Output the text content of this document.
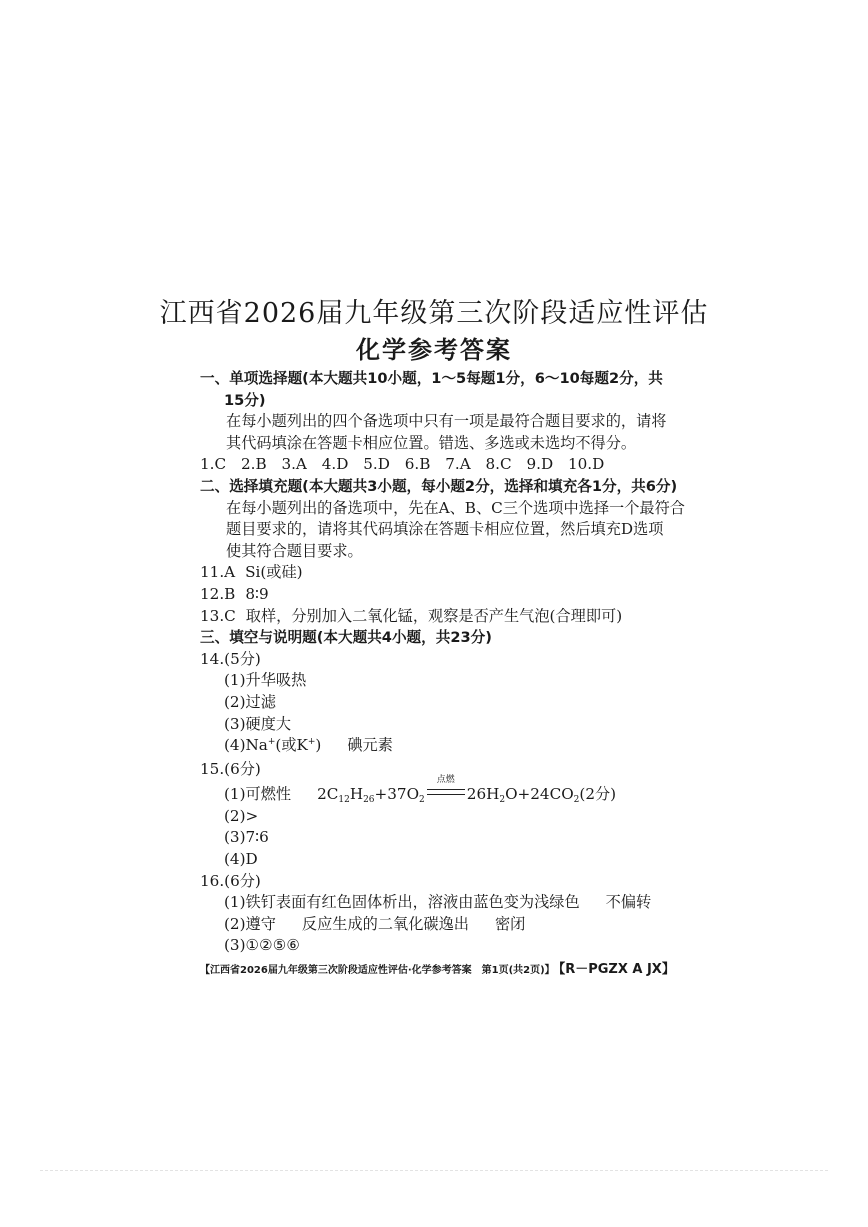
江西省2026届九年级第三次阶段适应性评估
化学参考答案
一、单项选择题(本大题共10小题，1～5每题1分，6～10每题2分，共
15分)
在每小题列出的四个备选项中只有一项是最符合题目要求的，请将
其代码填涂在答题卡相应位置。错选、多选或未选均不得分。
1.C 2.B 3.A 4.D 5.D 6.B 7.A 8.C 9.D 10.D
二、选择填充题(本大题共3小题，每小题2分，选择和填充各1分，共6分)
在每小题列出的备选项中，先在A、B、C三个选项中选择一个最符合
题目要求的，请将其代码填涂在答题卡相应位置，然后填充D选项
使其符合题目要求。
11.A Si(或硅)
12.B 8∶9
13.C 取样，分别加入二氧化锰，观察是否产生气泡(合理即可)
三、填空与说明题(本大题共4小题，共23分)
14.(5分)
(1)升华吸热
(2)过滤
(3)硬度大
(4)Na+(或K+) 碘元素
15.(6分)
(1)可燃性 $2C_{12}H_{26}+37O_2$
点燃
$26H_2O+24CO_2(2$分)
(2)>
(3)7∶6
(4)D
16.(6分)
(1)铁钉表面有红色固体析出，溶液由蓝色变为浅绿色 不偏转
(2)遵守 反应生成的二氧化碳逸出 密闭
(3)①②⑤⑥
【江西省2026届九年级第三次阶段适应性评估·化学参考答案　第1页(共2页)】 【R－PGZX A JX】
